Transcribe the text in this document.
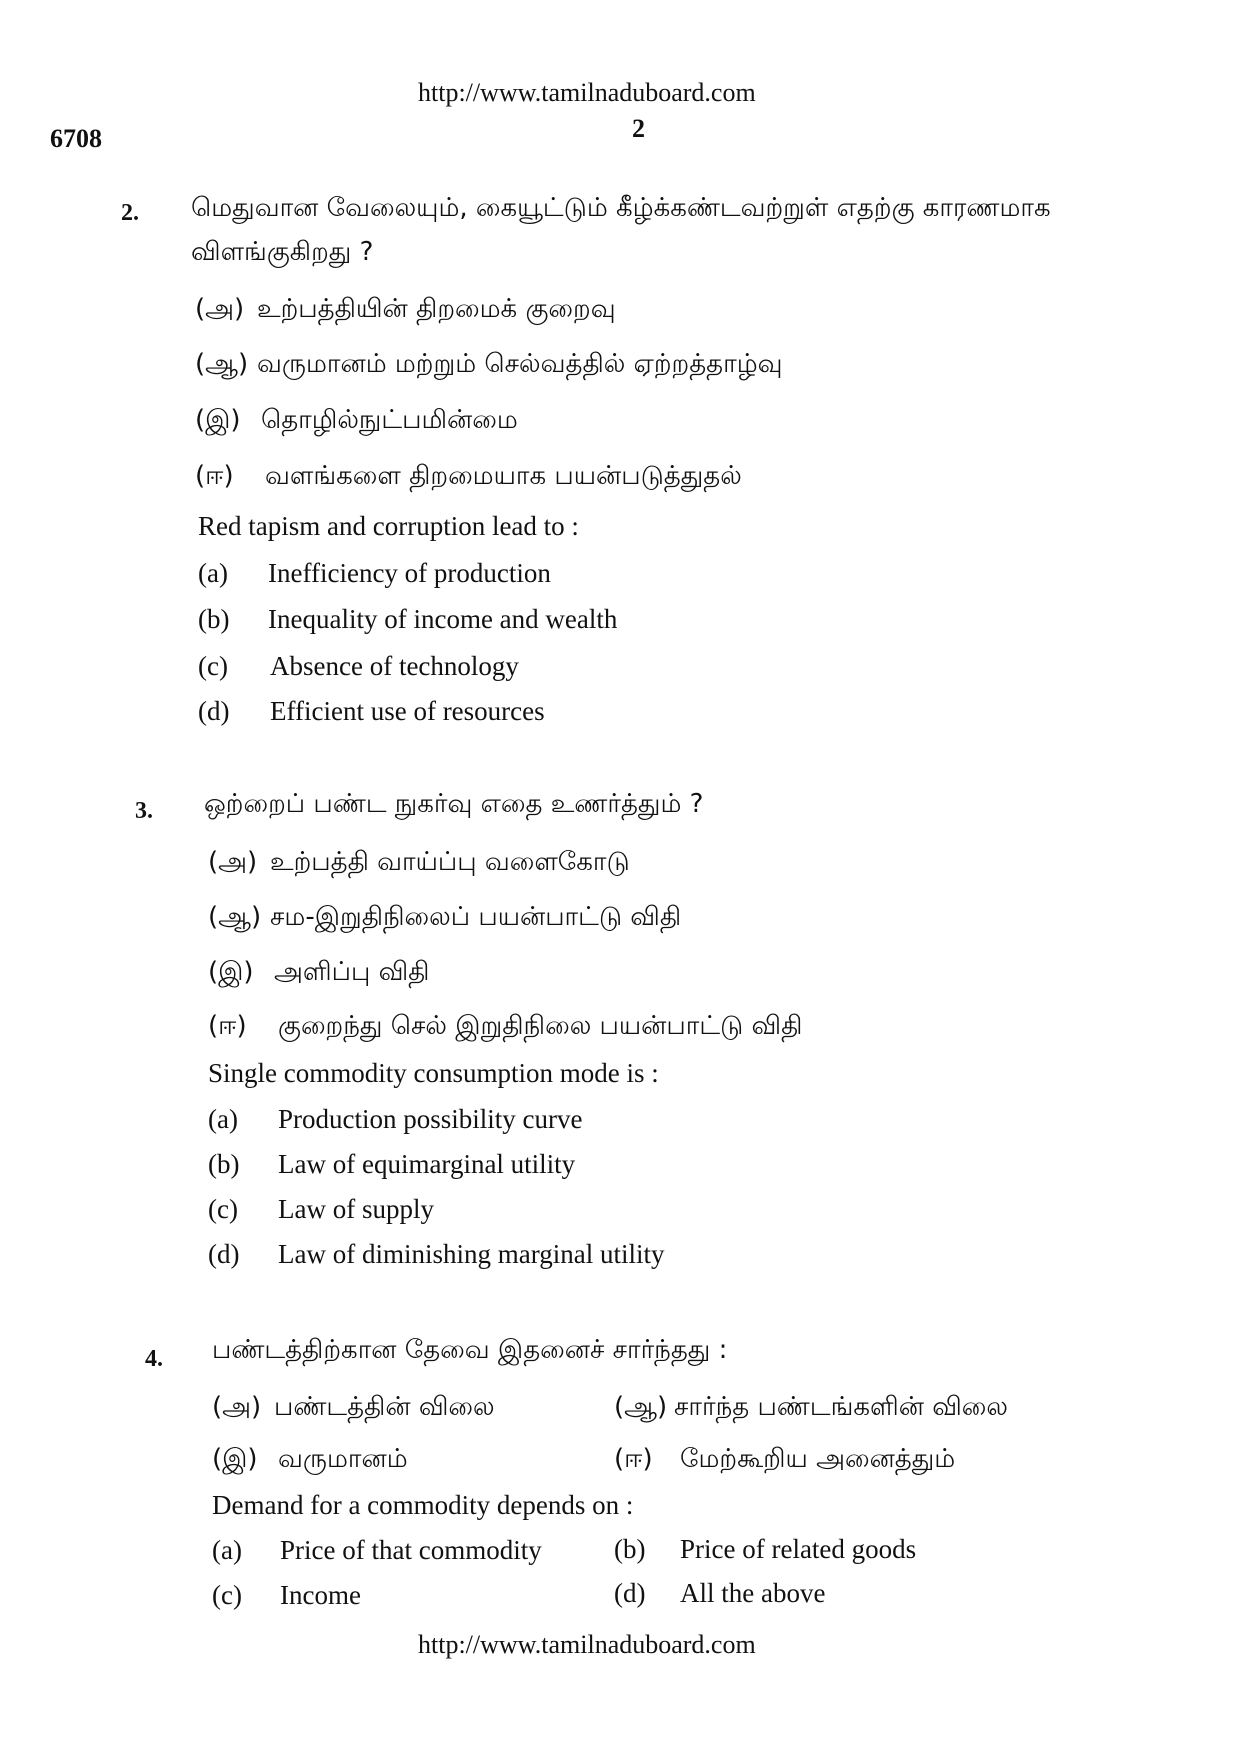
http://www.tamilnaduboard.com
6708	2
2. மெதுவான வேலையும், கையூட்டும் கீழ்க்கண்டவற்றுள் எதற்கு காரணமாக
விளங்குகிறது ?
(அ) உற்பத்தியின் திறமைக் குறைவு
(ஆ) வருமானம் மற்றும் செல்வத்தில் ஏற்றத்தாழ்வு
(இ) தொழில்நுட்பமின்மை
(ஈ) வளங்களை திறமையாக பயன்படுத்துதல்
Red tapism and corruption lead to :
(a) Inefficiency of production
(b) Inequality of income and wealth
(c) Absence of technology
(d) Efficient use of resources
3. ஒற்றைப் பண்ட நுகர்வு எதை உணர்த்தும் ?
(அ) உற்பத்தி வாய்ப்பு வளைகோடு
(ஆ) சம-இறுதிநிலைப் பயன்பாட்டு விதி
(இ) அளிப்பு விதி
(ஈ) குறைந்து செல் இறுதிநிலை பயன்பாட்டு விதி
Single commodity consumption mode is :
(a) Production possibility curve
(b) Law of equimarginal utility
(c) Law of supply
(d) Law of diminishing marginal utility
4. பண்டத்திற்கான தேவை இதனைச் சார்ந்தது :
(அ) பண்டத்தின் விலை	(ஆ) சார்ந்த பண்டங்களின் விலை
(இ) வருமானம்	(ஈ) மேற்கூறிய அனைத்தும்
Demand for a commodity depends on :
(a) Price of that commodity	(b) Price of related goods
(c) Income	(d) All the above
http://www.tamilnaduboard.com
